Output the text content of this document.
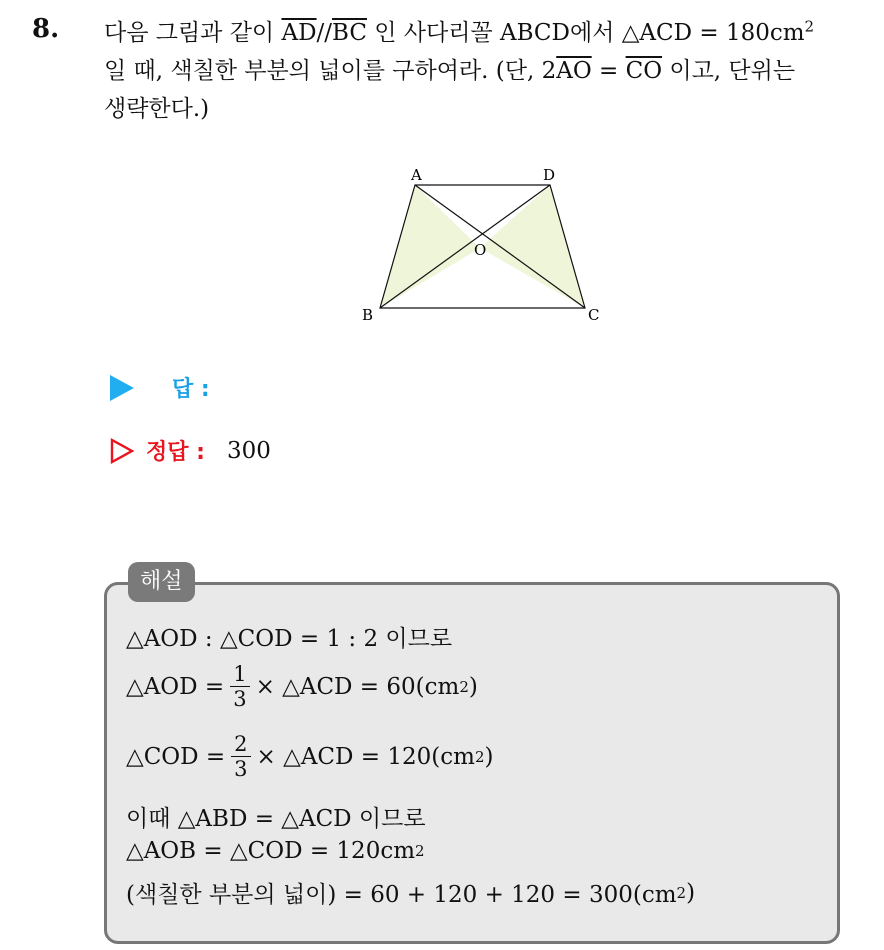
8. 다음 그림과 같이 $\overline{AD}//\overline{BC}$ 인 사다리꼴 ABCD에서 △ACD = $180cm^2$
일 때, 색칠한 부분의 넓이를 구하여라. (단, $2\overline{AO} = \overline{CO}$ 이고, 단위는
생략한다.)
A	D
O
B	C
답 :
정답 : 300
해설
△AOD : △COD = 1 : 2 이므로
△AOD = $\frac{1}{3}$ × △ACD = 60(cm 2 )
△COD = $\frac{2}{3}$ × △ACD = 120(cm 2 )
이때 △ABD = △ACD 이므로
△AOB = △COD = 120cm 2
(색칠한 부분의 넓이) = 60 + 120 + 120 = 300(cm 2 )
